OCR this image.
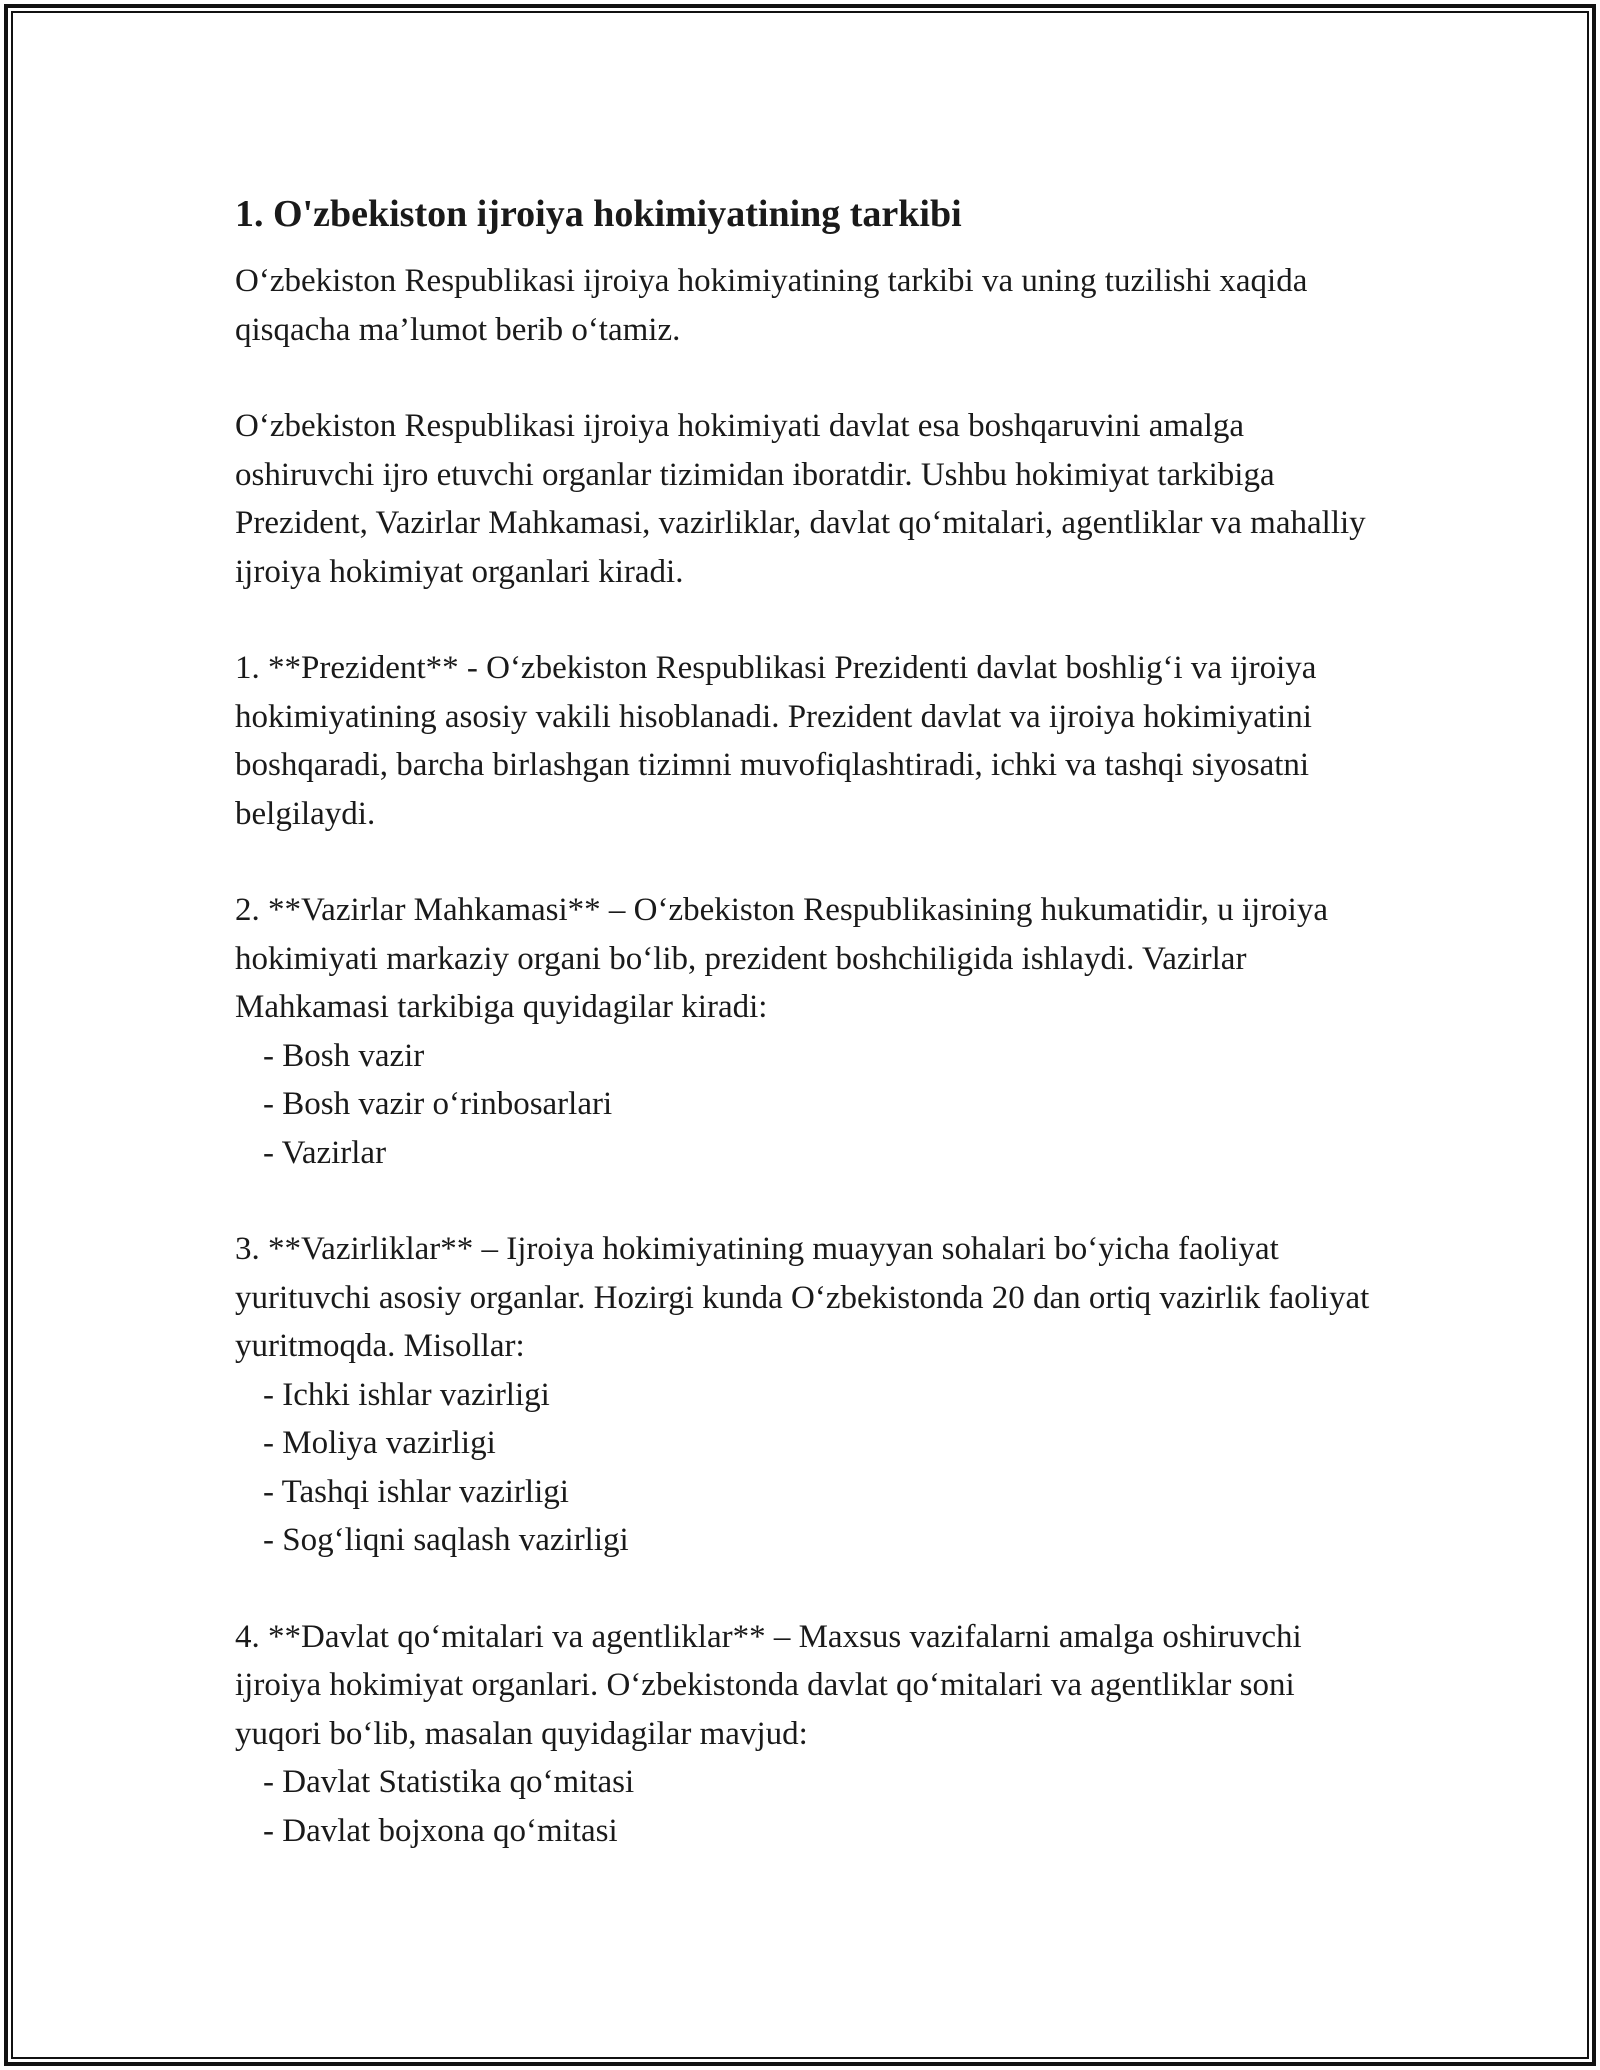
1. O'zbekiston ijroiya hokimiyatining tarkibi

O‘zbekiston Respublikasi ijroiya hokimiyatining tarkibi va uning tuzilishi xaqida qisqacha ma’lumot berib o‘tamiz.

O‘zbekiston Respublikasi ijroiya hokimiyati davlat esa boshqaruvini amalga oshiruvchi ijro etuvchi organlar tizimidan iboratdir. Ushbu hokimiyat tarkibiga Prezident, Vazirlar Mahkamasi, vazirliklar, davlat qo‘mitalari, agentliklar va mahalliy ijroiya hokimiyat organlari kiradi.

1. **Prezident** - O‘zbekiston Respublikasi Prezidenti davlat boshlig‘i va ijroiya hokimiyatining asosiy vakili hisoblanadi. Prezident davlat va ijroiya hokimiyatini boshqaradi, barcha birlashgan tizimni muvofiqlashtiradi, ichki va tashqi siyosatni belgilaydi.

2. **Vazirlar Mahkamasi** – O‘zbekiston Respublikasining hukumatidir, u ijroiya hokimiyati markaziy organi bo‘lib, prezident boshchiligida ishlaydi. Vazirlar Mahkamasi tarkibiga quyidagilar kiradi:

- Bosh vazir
- Bosh vazir o‘rinbosarlari
- Vazirlar

3. **Vazirliklar** – Ijroiya hokimiyatining muayyan sohalari bo‘yicha faoliyat yurituvchi asosiy organlar. Hozirgi kunda O‘zbekistonda 20 dan ortiq vazirlik faoliyat yuritmoqda. Misollar:

- Ichki ishlar vazirligi
- Moliya vazirligi
- Tashqi ishlar vazirligi
- Sog‘liqni saqlash vazirligi

4. **Davlat qo‘mitalari va agentliklar** – Maxsus vazifalarni amalga oshiruvchi ijroiya hokimiyat organlari. O‘zbekistonda davlat qo‘mitalari va agentliklar soni yuqori bo‘lib, masalan quyidagilar mavjud:

- Davlat Statistika qo‘mitasi
- Davlat bojxona qo‘mitasi
